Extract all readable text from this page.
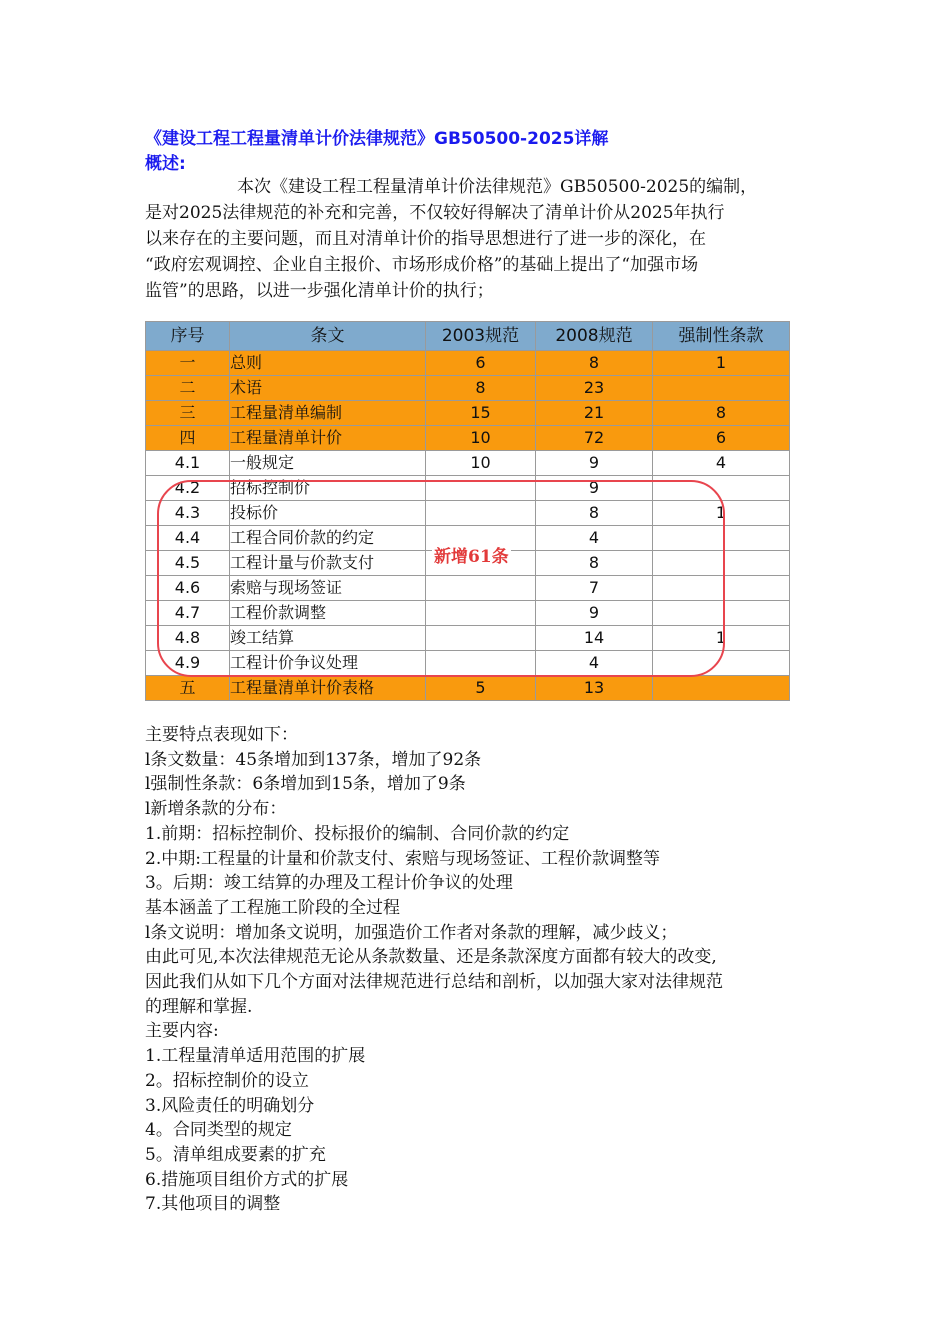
《建设工程工程量清单计价法律规范》GB50500-2025详解
概述:
本次《建设工程工程量清单计价法律规范》GB50500-2025的编制，
是对2025法律规范的补充和完善，不仅较好得解决了清单计价从2025年执行
以来存在的主要问题，而且对清单计价的指导思想进行了进一步的深化，在
“政府宏观调控、企业自主报价、市场形成价格”的基础上提出了“加强市场
监管”的思路，以进一步强化清单计价的执行；
序号	条文	2003规范	2008规范	强制性条款
一	总则	6	8	1
二	术语	8	23	
三	工程量清单编制	15	21	8
四	工程量清单计价	10	72	6
4.1	一般规定	10	9	4
4.2	招标控制价		9	
4.3	投标价		8	1
4.4	工程合同价款的约定		4	
4.5	工程计量与价款支付		8	
4.6	索赔与现场签证		7	
4.7	工程价款调整		9	
4.8	竣工结算		14	1
4.9	工程计价争议处理		4	
五	工程量清单计价表格	5	13	
新增61条
主要特点表现如下：
l条文数量：45条增加到137条，增加了92条
l强制性条款：6条增加到15条，增加了9条
l新增条款的分布：
1.前期：招标控制价、投标报价的编制、合同价款的约定
2.中期:工程量的计量和价款支付、索赔与现场签证、工程价款调整等
3。后期：竣工结算的办理及工程计价争议的处理
基本涵盖了工程施工阶段的全过程
l条文说明：增加条文说明，加强造价工作者对条款的理解，减少歧义；
由此可见,本次法律规范无论从条款数量、还是条款深度方面都有较大的改变,
因此我们从如下几个方面对法律规范进行总结和剖析，以加强大家对法律规范
的理解和掌握.
主要内容:
1.工程量清单适用范围的扩展
2。招标控制价的设立
3.风险责任的明确划分
4。合同类型的规定
5。清单组成要素的扩充
6.措施项目组价方式的扩展
7.其他项目的调整
